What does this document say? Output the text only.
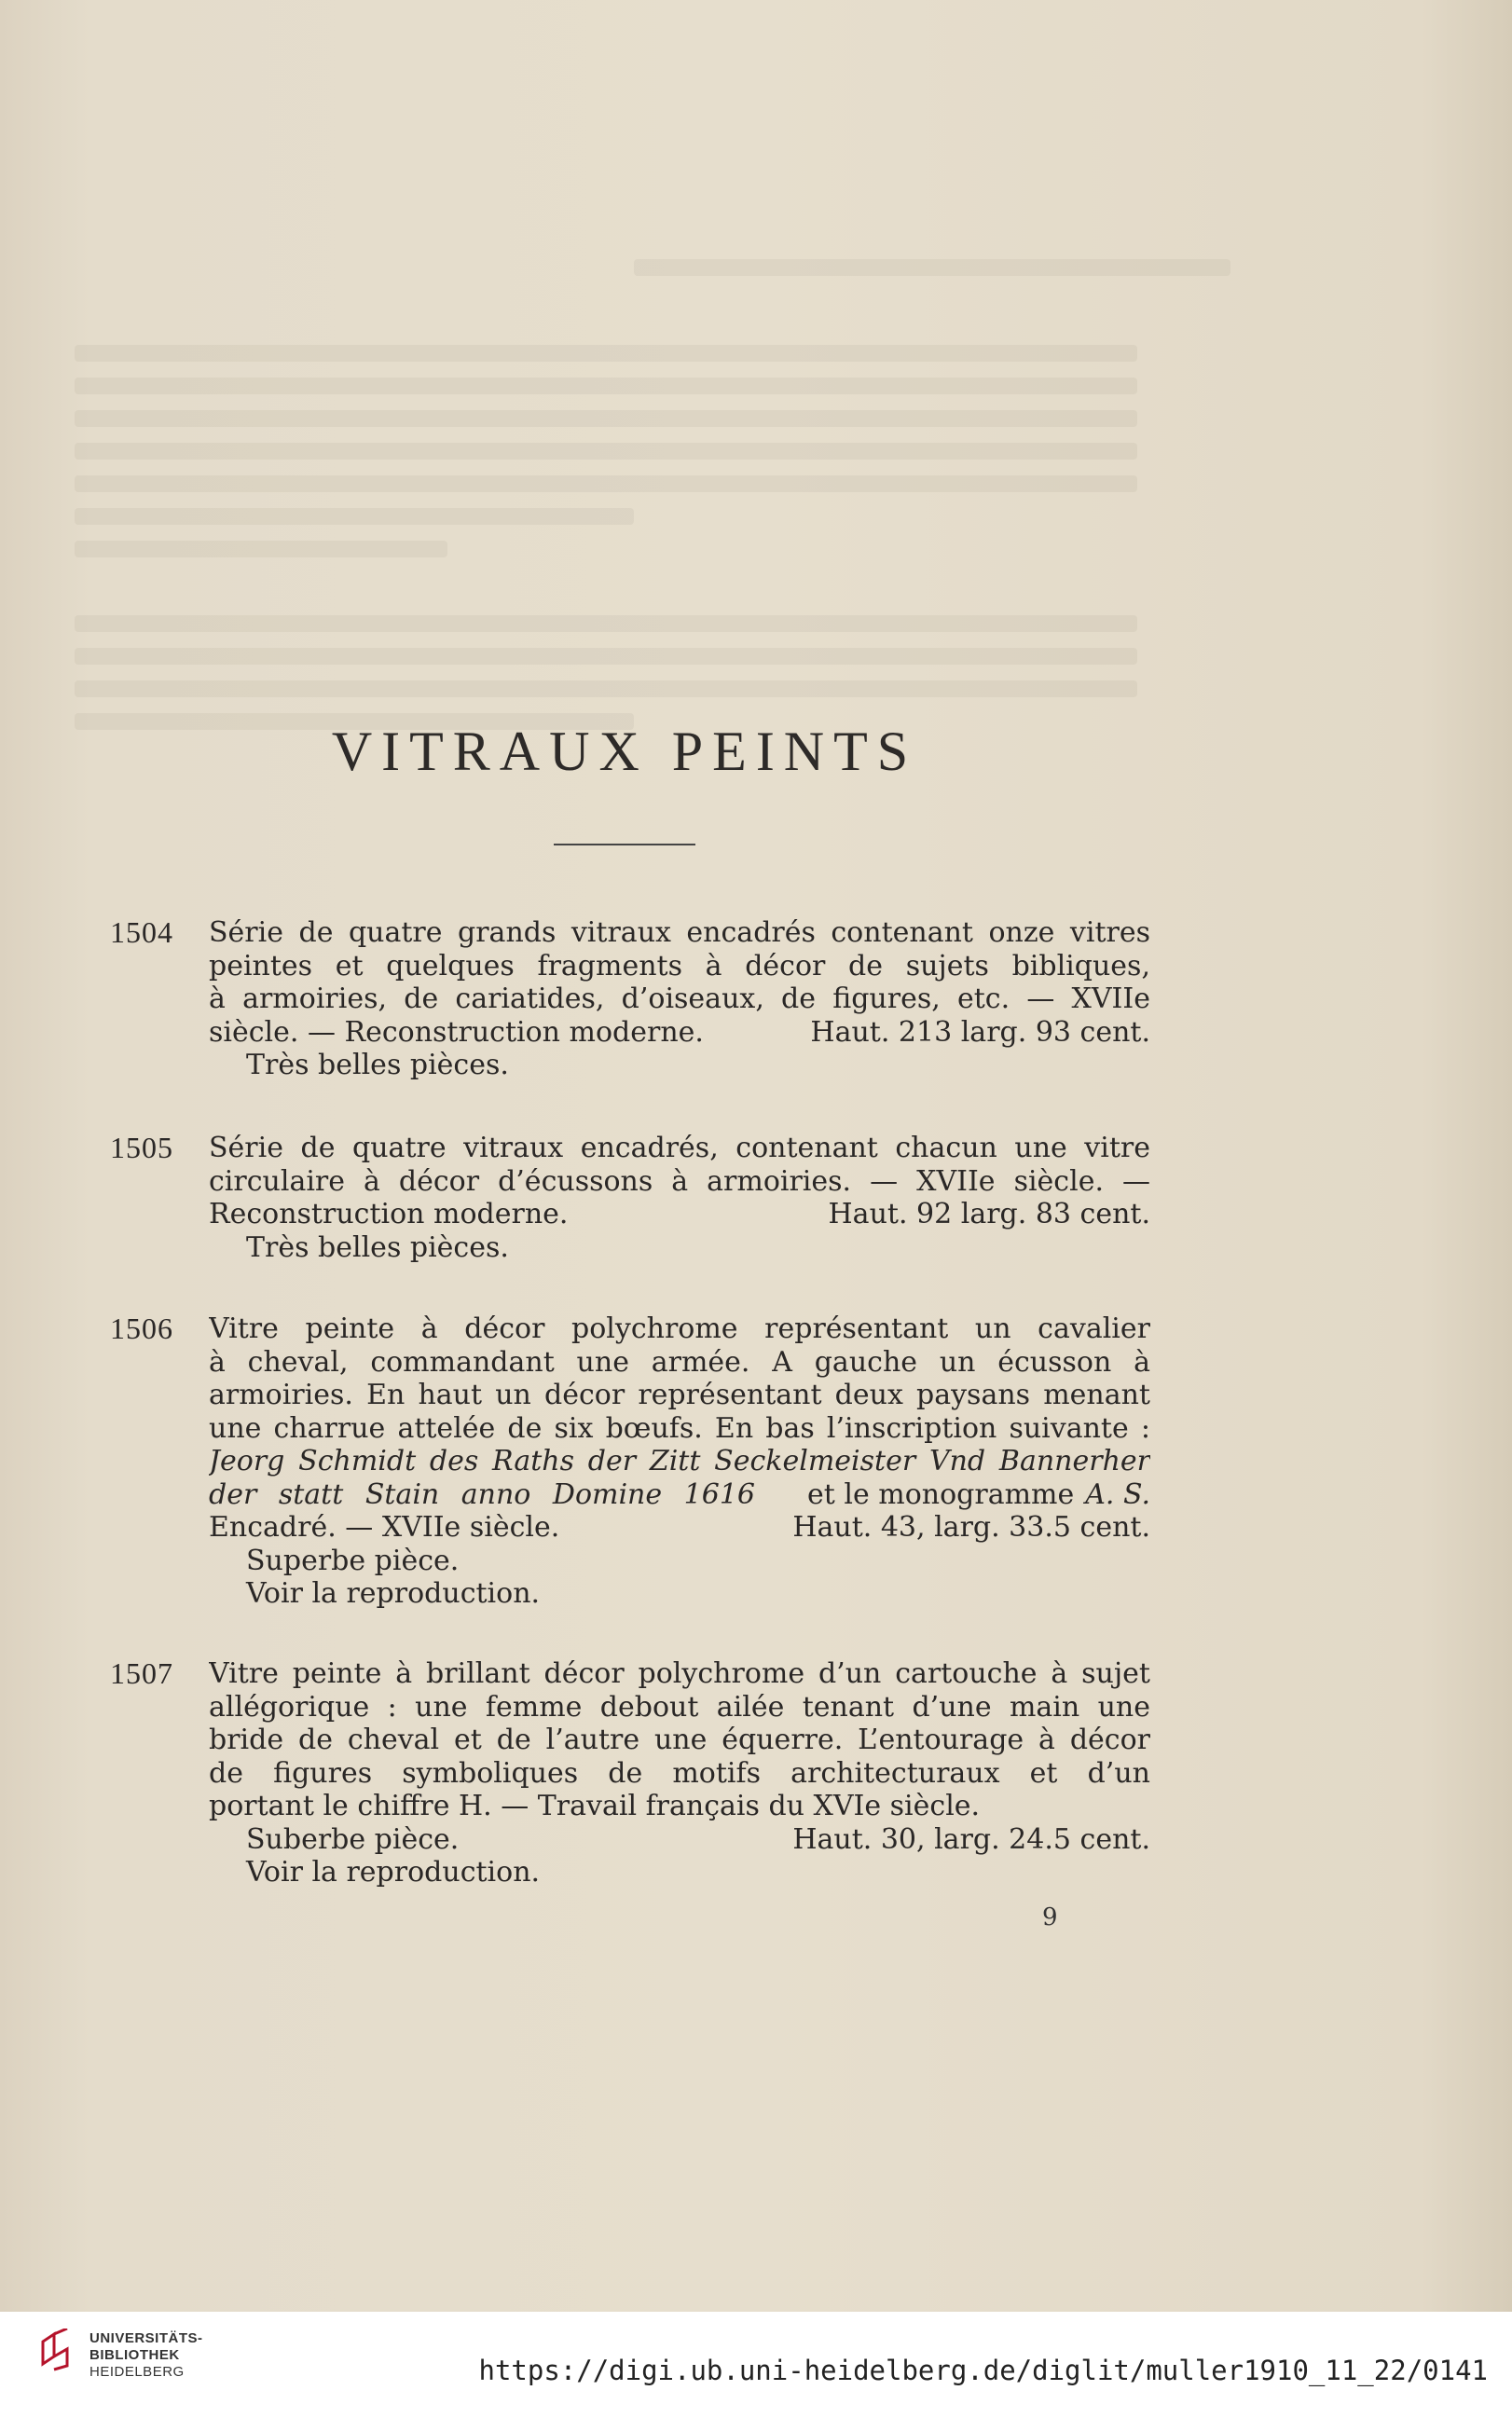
VITRAUX PEINTS
1504	Série de quatre grands vitraux encadrés contenant onze vitres
peintes et quelques fragments à décor de sujets bibliques,
à armoiries, de cariatides, d’oiseaux, de figures, etc. — XVIIe
siècle. — Reconstruction moderne.	Haut. 213 larg. 93 cent.
Très belles pièces.
1505	Série de quatre vitraux encadrés, contenant chacun une vitre
circulaire à décor d’écussons à armoiries. — XVIIe siècle. —
Reconstruction moderne.	Haut. 92 larg. 83 cent.
Très belles pièces.
1506	Vitre peinte à décor polychrome représentant un cavalier
à cheval, commandant une armée. A gauche un écusson à
armoiries. En haut un décor représentant deux paysans menant
une charrue attelée de six bœufs. En bas l’inscription suivante :
Jeorg Schmidt des Raths der Zitt Seckelmeister Vnd Bannerher
der statt Stain anno Domine 1616 et le monogramme A. S.
Encadré. — XVIIe siècle.	Haut. 43, larg. 33.5 cent.
Superbe pièce.
Voir la reproduction.
1507	Vitre peinte à brillant décor polychrome d’un cartouche à sujet
allégorique : une femme debout ailée tenant d’une main une
bride de cheval et de l’autre une équerre. L’entourage à décor
de figures symboliques de motifs architecturaux et d’un
portant le chiffre H. — Travail français du XVIe siècle.
Suberbe pièce.	Haut. 30, larg. 24.5 cent.
Voir la reproduction.
9
UNIVERSITÄTS-
BIBLIOTHEK
HEIDELBERG	https://digi.ub.uni-heidelberg.de/diglit/muller1910_11_22/0141
